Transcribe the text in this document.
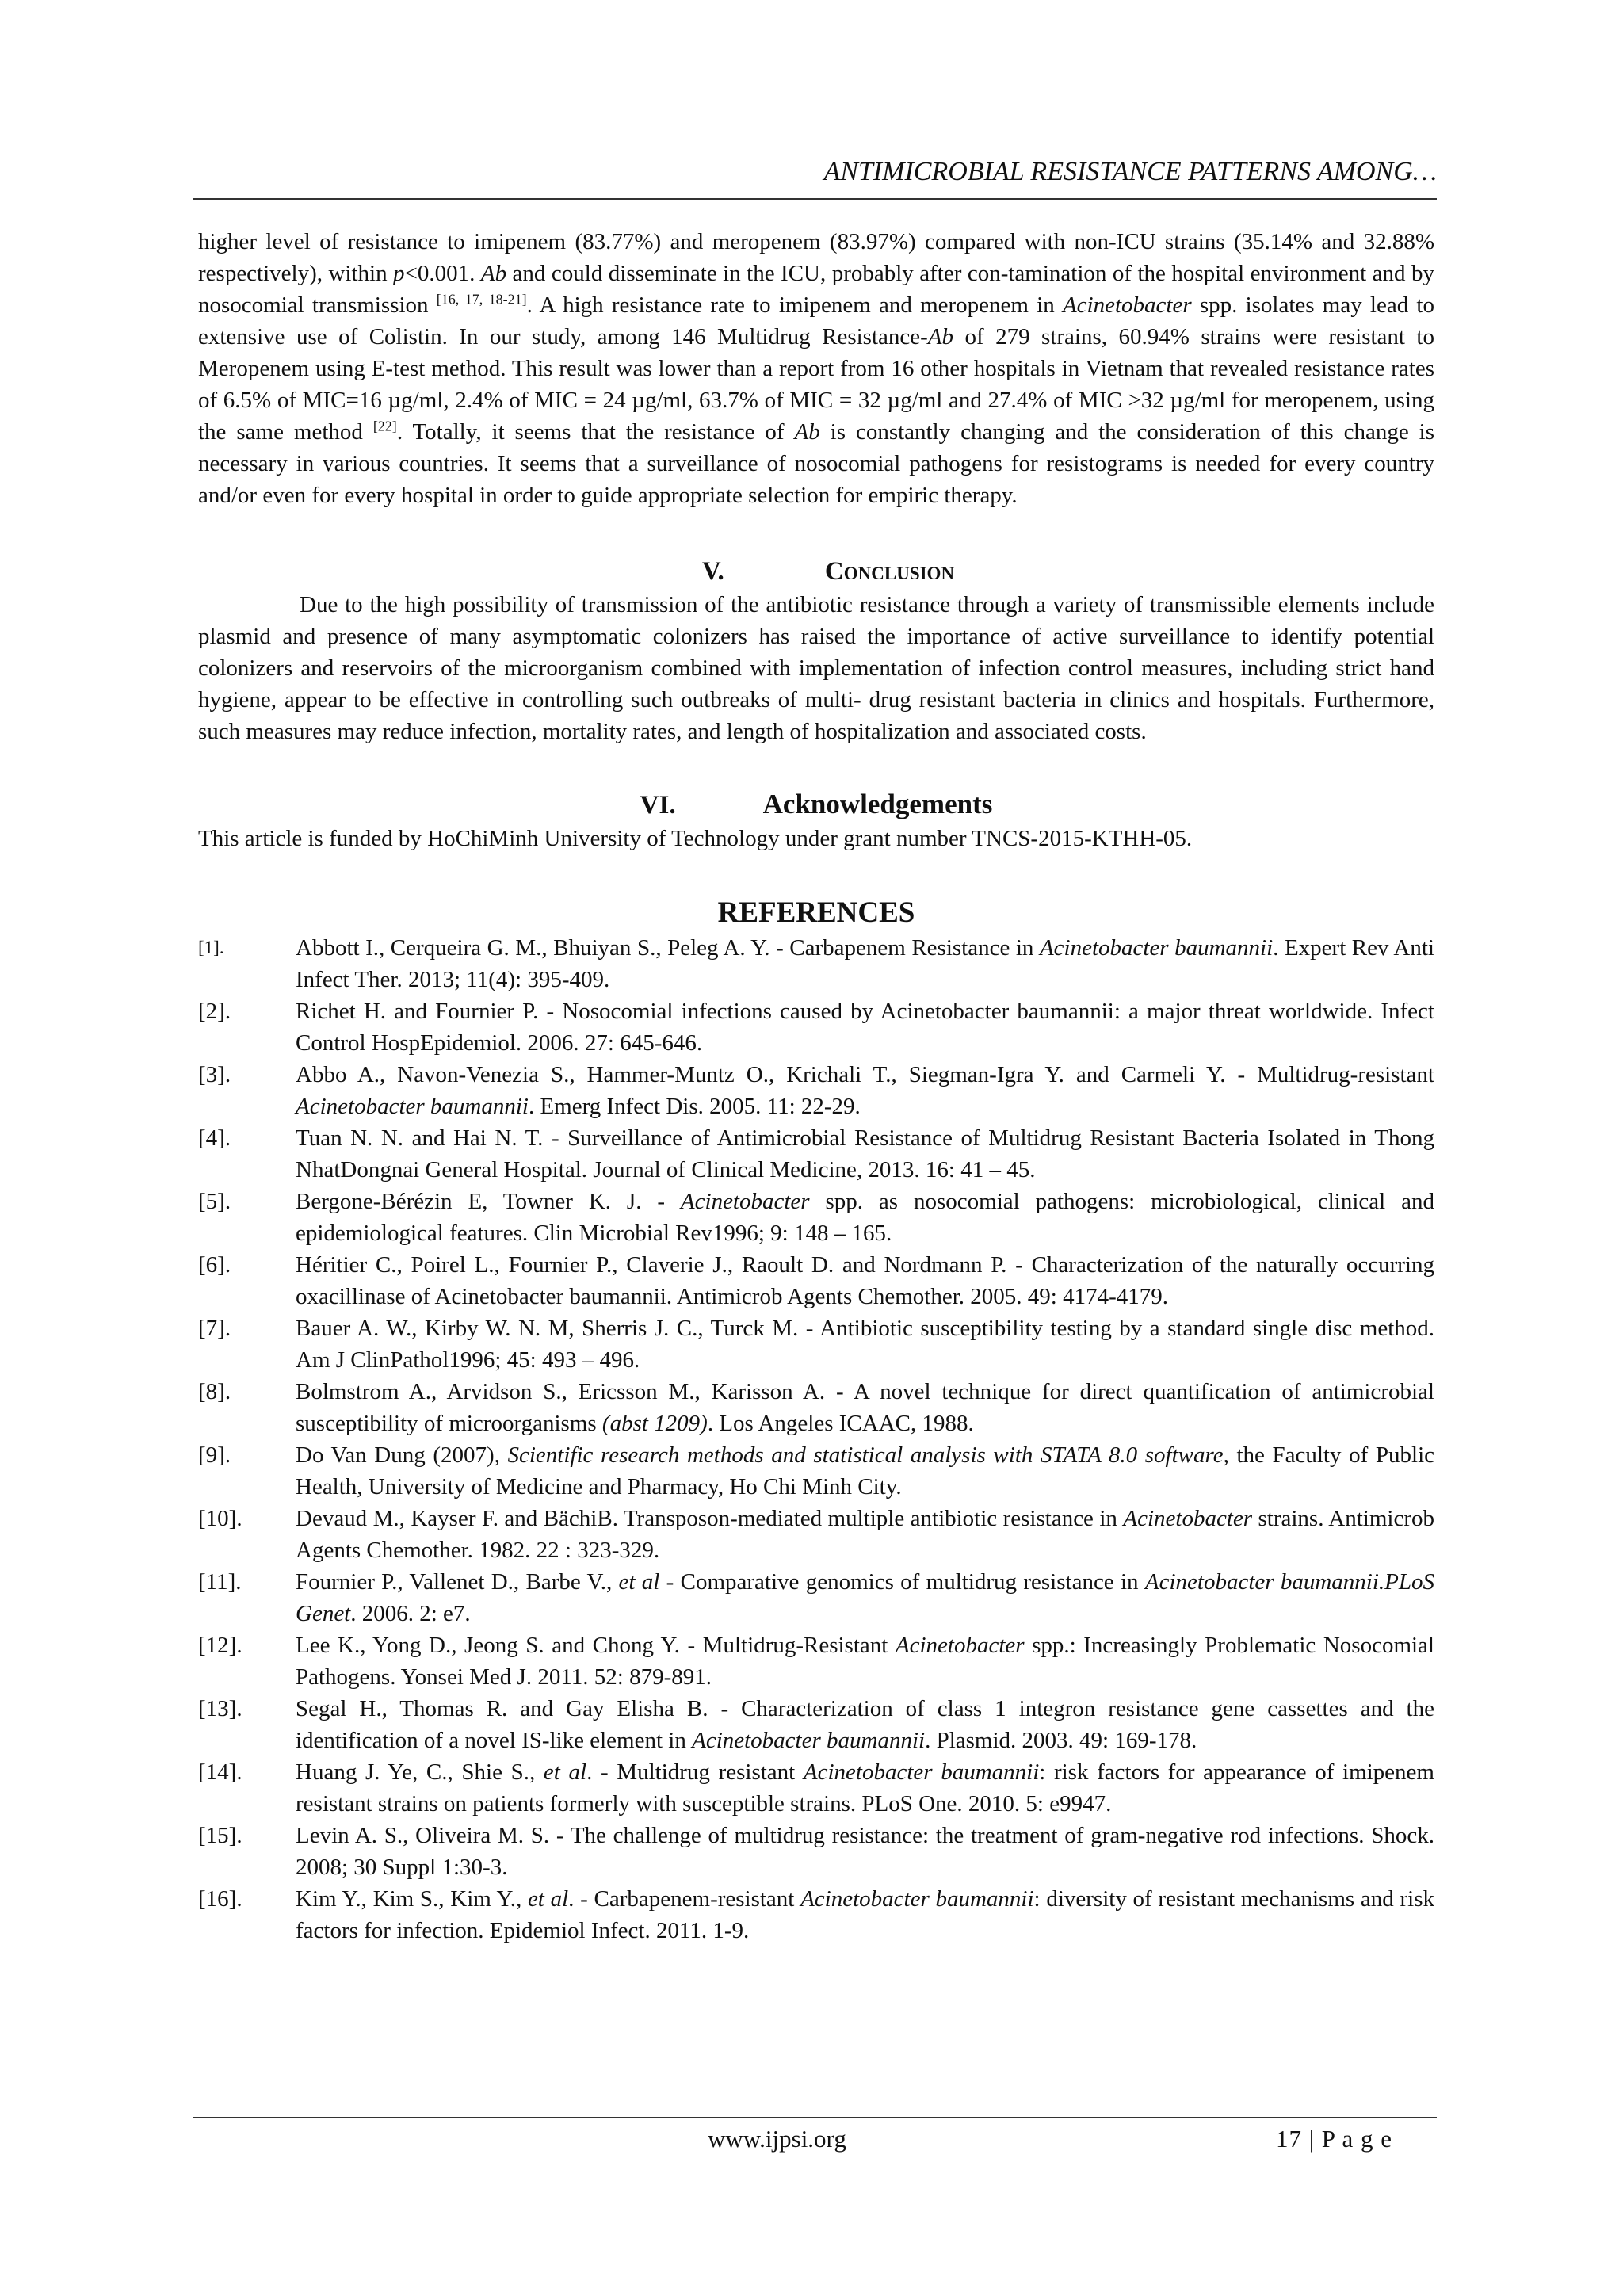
ANTIMICROBIAL RESISTANCE PATTERNS AMONG…

higher level of resistance to imipenem (83.77%) and meropenem (83.97%) compared with non-ICU strains (35.14% and 32.88% respectively), within p<0.001. Ab and could disseminate in the ICU, probably after con-tamination of the hospital environment and by nosocomial transmission [16, 17, 18-21]. A high resistance rate to imipenem and meropenem in Acinetobacter spp. isolates may lead to extensive use of Colistin. In our study, among 146 Multidrug Resistance-Ab of 279 strains, 60.94% strains were resistant to Meropenem using E-test method. This result was lower than a report from 16 other hospitals in Vietnam that revealed resistance rates of 6.5% of MIC=16 µg/ml, 2.4% of MIC = 24 µg/ml, 63.7% of MIC = 32 µg/ml and 27.4% of MIC >32 µg/ml for meropenem, using the same method [22]. Totally, it seems that the resistance of Ab is constantly changing and the consideration of this change is necessary in various countries. It seems that a surveillance of nosocomial pathogens for resistograms is needed for every country and/or even for every hospital in order to guide appropriate selection for empiric therapy.

V.	Conclusion

Due to the high possibility of transmission of the antibiotic resistance through a variety of transmissible elements include plasmid and presence of many asymptomatic colonizers has raised the importance of active surveillance to identify potential colonizers and reservoirs of the microorganism combined with implementation of infection control measures, including strict hand hygiene, appear to be effective in controlling such outbreaks of multi- drug resistant bacteria in clinics and hospitals. Furthermore, such measures may reduce infection, mortality rates, and length of hospitalization and associated costs.

VI.	Acknowledgements

This article is funded by HoChiMinh University of Technology under grant number TNCS-2015-KTHH-05.

REFERENCES
[1].	Abbott I., Cerqueira G. M., Bhuiyan S., Peleg A. Y. - Carbapenem Resistance in Acinetobacter baumannii. Expert Rev Anti Infect Ther. 2013; 11(4): 395-409.
[2].	Richet H. and Fournier P. - Nosocomial infections caused by Acinetobacter baumannii: a major threat worldwide. Infect Control HospEpidemiol. 2006. 27: 645-646.
[3].	Abbo A., Navon-Venezia S., Hammer-Muntz O., Krichali T., Siegman-Igra Y. and Carmeli Y. - Multidrug-resistant Acinetobacter baumannii. Emerg Infect Dis. 2005. 11: 22-29.
[4].	Tuan N. N. and Hai N. T. - Surveillance of Antimicrobial Resistance of Multidrug Resistant Bacteria Isolated in Thong NhatDongnai General Hospital. Journal of Clinical Medicine, 2013. 16: 41 – 45.
[5].	Bergone-Bérézin E, Towner K. J. - Acinetobacter spp. as nosocomial pathogens: microbiological, clinical and epidemiological features. Clin Microbial Rev1996; 9: 148 – 165.
[6].	Héritier C., Poirel L., Fournier P., Claverie J., Raoult D. and Nordmann P. - Characterization of the naturally occurring oxacillinase of Acinetobacter baumannii. Antimicrob Agents Chemother. 2005. 49: 4174-4179.
[7].	Bauer A. W., Kirby W. N. M, Sherris J. C., Turck M. - Antibiotic susceptibility testing by a standard single disc method. Am J ClinPathol1996; 45: 493 – 496.
[8].	Bolmstrom A., Arvidson S., Ericsson M., Karisson A. - A novel technique for direct quantification of antimicrobial susceptibility of microorganisms (abst 1209). Los Angeles ICAAC, 1988.
[9].	Do Van Dung (2007), Scientific research methods and statistical analysis with STATA 8.0 software, the Faculty of Public Health, University of Medicine and Pharmacy, Ho Chi Minh City.
[10]. Devaud M., Kayser F. and BächiB. Transposon-mediated multiple antibiotic resistance in Acinetobacter strains. Antimicrob Agents Chemother. 1982. 22 : 323-329.
[11]. Fournier P., Vallenet D., Barbe V., et al - Comparative genomics of multidrug resistance in Acinetobacter baumannii.PLoS Genet. 2006. 2: e7.
[12]. Lee K., Yong D., Jeong S. and Chong Y. - Multidrug-Resistant Acinetobacter spp.: Increasingly Problematic Nosocomial Pathogens. Yonsei Med J. 2011. 52: 879-891.
[13]. Segal H., Thomas R. and Gay Elisha B. - Characterization of class 1 integron resistance gene cassettes and the identification of a novel IS-like element in Acinetobacter baumannii. Plasmid. 2003. 49: 169-178.
[14]. Huang J. Ye, C., Shie S., et al. - Multidrug resistant Acinetobacter baumannii: risk factors for appearance of imipenem resistant strains on patients formerly with susceptible strains. PLoS One. 2010. 5: e9947.
[15]. Levin A. S., Oliveira M. S. - The challenge of multidrug resistance: the treatment of gram-negative rod infections. Shock. 2008; 30 Suppl 1:30-3.
[16]. Kim Y., Kim S., Kim Y., et al. - Carbapenem-resistant Acinetobacter baumannii: diversity of resistant mechanisms and risk factors for infection. Epidemiol Infect. 2011. 1-9.
www.ijpsi.org	17 | P a g e
